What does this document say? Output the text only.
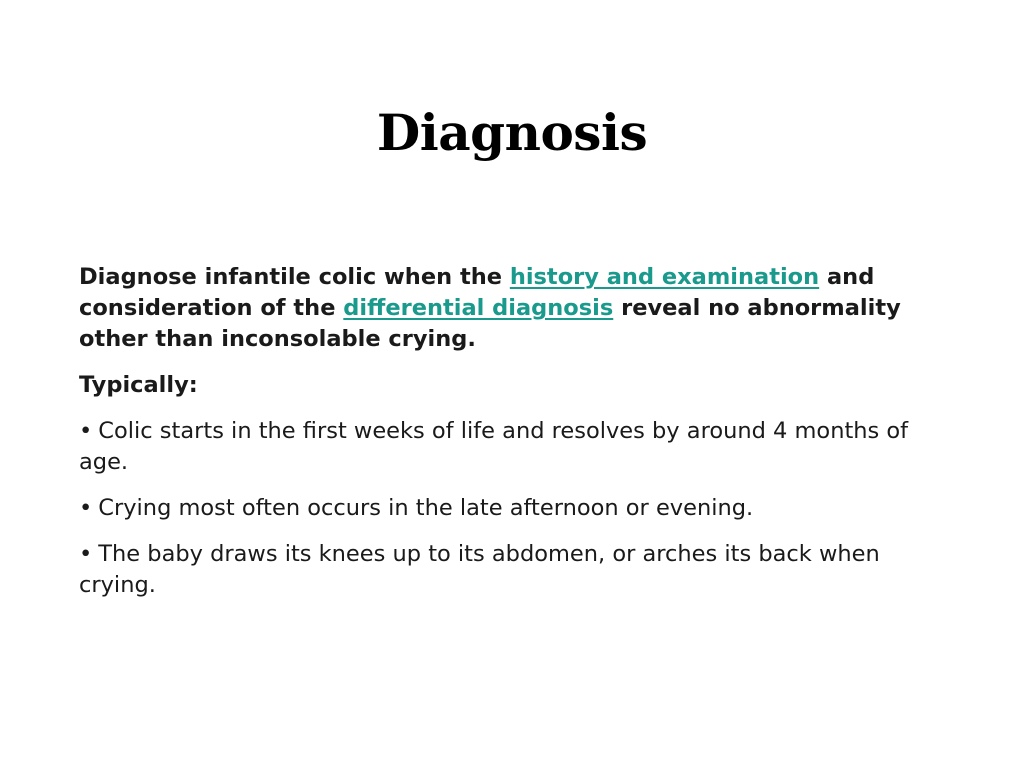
Diagnosis

Diagnose infantile colic when the history and examination and consideration of the differential diagnosis reveal no abnormality other than inconsolable crying.

Typically:

• Colic starts in the first weeks of life and resolves by around 4 months of age.

• Crying most often occurs in the late afternoon or evening.

• The baby draws its knees up to its abdomen, or arches its back when crying.
